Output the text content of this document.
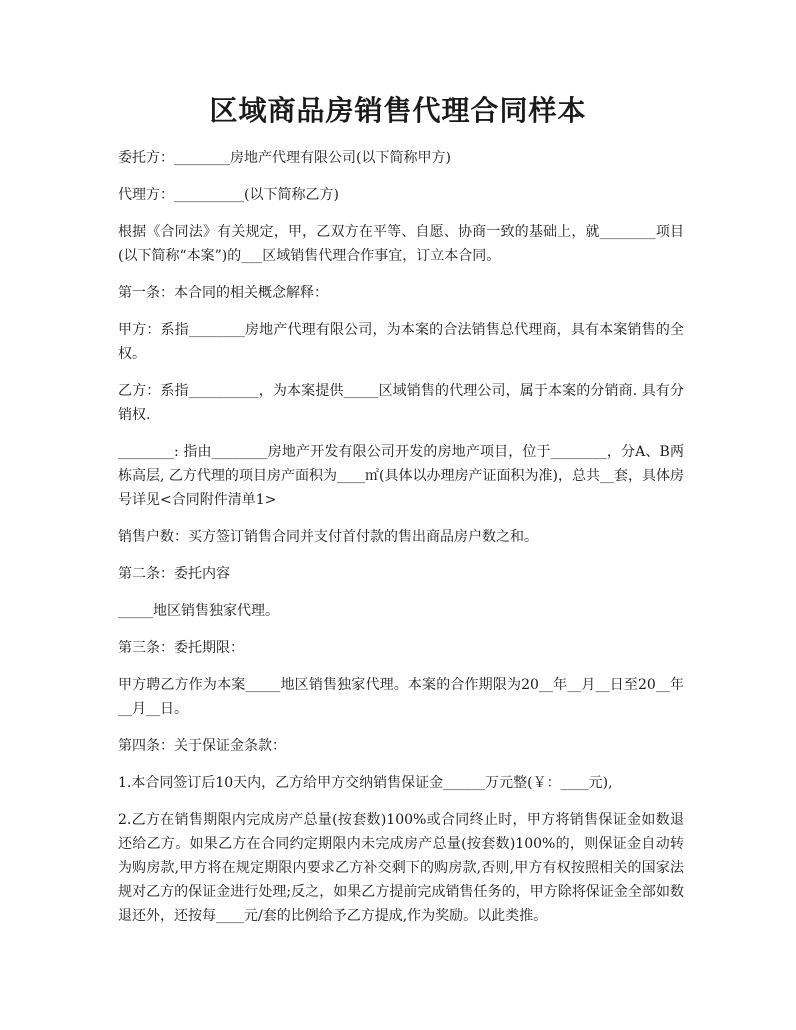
区域商品房销售代理合同样本

委托方：________房地产代理有限公司(以下简称甲方)

代理方：__________(以下简称乙方)

根据《合同法》有关规定，甲，乙双方在平等、自愿、协商一致的基础上，就________项目(以下简称“本案”)的___区域销售代理合作事宜，订立本合同。

第一条：本合同的相关概念解释：

甲方：系指________房地产代理有限公司，为本案的合法销售总代理商，具有本案销售的全权。

乙方：系指__________，为本案提供_____区域销售的代理公司，属于本案的分销商. 具有分销权.

________: 指由________房地产开发有限公司开发的房地产项目，位于________，分A、B两栋高层, 乙方代理的项目房产面积为____㎡(具体以办理房产证面积为准)，总共__套，具体房号详见<合同附件清单1>

销售户数：买方签订销售合同并支付首付款的售出商品房户数之和。

第二条：委托内容

_____地区销售独家代理。

第三条：委托期限：

甲方聘乙方作为本案_____地区销售独家代理。本案的合作期限为20__年__月__日至20__年__月__日。

第四条：关于保证金条款：

1.本合同签订后10天内，乙方给甲方交纳销售保证金______万元整(￥：____元),

2.乙方在销售期限内完成房产总量(按套数)100%或合同终止时，甲方将销售保证金如数退还给乙方。如果乙方在合同约定期限内未完成房产总量(按套数)100%的，则保证金自动转为购房款,甲方将在规定期限内要求乙方补交剩下的购房款,否则,甲方有权按照相关的国家法规对乙方的保证金进行处理;反之，如果乙方提前完成销售任务的，甲方除将保证金全部如数退还外，还按每____元/套的比例给予乙方提成,作为奖励。以此类推。
